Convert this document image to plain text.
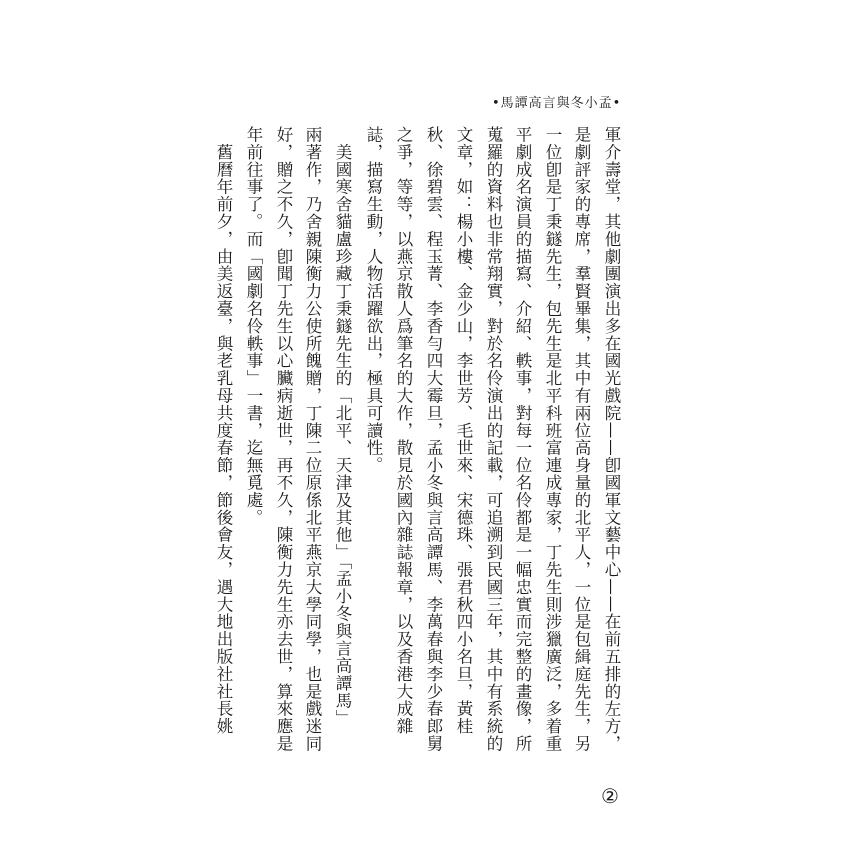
•馬譚高言與冬小孟•
軍介壽堂，其他劇團演出多在國光戲院——卽國軍文藝中心——在前五排的左方，
是劇評家的專席，羣賢畢集，其中有兩位高身量的北平人，一位是包緝庭先生，另
一位卽是丁秉鐩先生，包先生是北平科班富連成專家，丁先生則涉獵廣泛，多着重
平劇成名演員的描寫、介紹、軼事，對每一位名伶都是一幅忠實而完整的畫像，所
蒐羅的資料也非常翔實，對於名伶演出的記載，可追溯到民國三年，其中有系統的
文章，如：楊小樓、金少山，李世芳、毛世來、宋德珠、張君秋四小名旦，黃桂
秋、徐碧雲、程玉菁、李香勻四大霉旦，孟小冬與言高譚馬、李萬春與李少春郎舅
之爭，等等，以燕京散人爲筆名的大作，散見於國內雜誌報章，以及香港大成雜
誌，描寫生動，人物活躍欲出，極具可讀性。
　美國寒舍貓盧珍藏丁秉鐩先生的「北平、天津及其他」「孟小冬與言高譚馬」
兩著作，乃舍親陳衡力公使所餽贈，丁陳二位原係北平燕京大學同學，也是戲迷同
好，贈之不久，卽聞丁先生以心臟病逝世，再不久，陳衡力先生亦去世，算來應是
年前往事了。而「國劇名伶軼事」一書，迄無覓處。
　舊曆年前夕，由美返臺，與老乳母共度春節，節後會友，遇大地出版社社長姚
②
